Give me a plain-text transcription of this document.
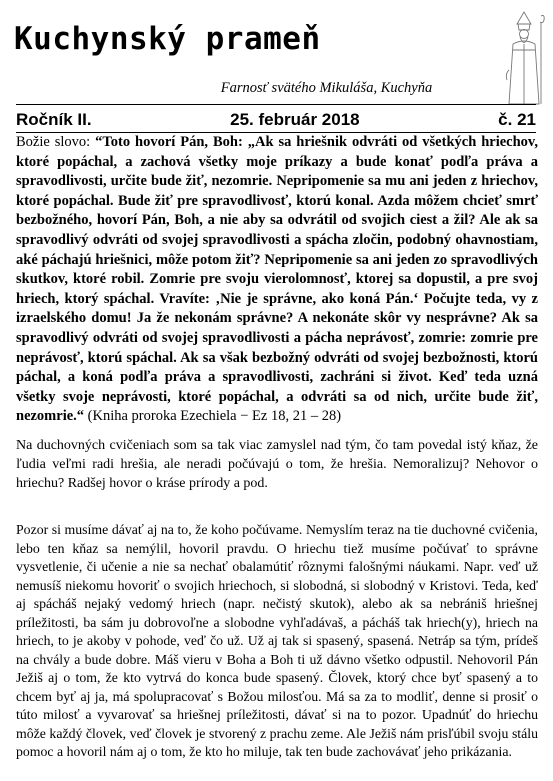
Kuchynský prameň
Farnosť svätého Mikuláša, Kuchyňa
Ročník II.	25. február 2018	č. 21

Božie slovo: “Toto hovorí Pán, Boh: „Ak sa hriešnik odvráti od všetkých hriechov, ktoré popáchal, a zachová všetky moje príkazy a bude konať podľa práva a spravodlivosti, určite bude žiť, nezomrie. Nepripomenie sa mu ani jeden z hriechov, ktoré popáchal. Bude žiť pre spravodlivosť, ktorú konal. Azda môžem chcieť smrť bezbožného, hovorí Pán, Boh, a nie aby sa odvrátil od svojich ciest a žil? Ale ak sa spravodlivý odvráti od svojej spravodlivosti a spácha zločin, podobný ohavnostiam, aké páchajú hriešnici, môže potom žiť? Nepripomenie sa ani jeden zo spravodlivých skutkov, ktoré robil. Zomrie pre svoju vierolomnosť, ktorej sa dopustil, a pre svoj hriech, ktorý spáchal. Vravíte: ‚Nie je správne, ako koná Pán.‘ Počujte teda, vy z izraelského domu! Ja že nekonám správne? A nekonáte skôr vy nesprávne? Ak sa spravodlivý odvráti od svojej spravodlivosti a pácha neprávosť, zomrie: zomrie pre neprávosť, ktorú spáchal. Ak sa však bezbožný odvráti od svojej bezbožnosti, ktorú páchal, a koná podľa práva a spravodlivosti, zachráni si život. Keď teda uzná všetky svoje neprávosti, ktoré popáchal, a odvráti sa od nich, určite bude žiť, nezomrie.“ (Kniha proroka Ezechiela − Ez 18, 21 – 28)

Na duchovných cvičeniach som sa tak viac zamyslel nad tým, čo tam povedal istý kňaz, že ľudia veľmi radi hrešia, ale neradi počúvajú o tom, že hrešia. Nemoralizuj? Nehovor o hriechu? Radšej hovor o kráse prírody a pod.

Pozor si musíme dávať aj na to, že koho počúvame. Nemyslím teraz na tie duchovné cvičenia, lebo ten kňaz sa nemýlil, hovoril pravdu. O hriechu tiež musíme počúvať to správne vysvetlenie, či učenie a nie sa nechať obalamútiť rôznymi falošnými náukami. Napr. veď už nemusíš niekomu hovoriť o svojich hriechoch, si slobodná, si slobodný v Kristovi. Teda, keď aj spácháš nejaký vedomý hriech (napr. nečistý skutok), alebo ak sa nebrániš hriešnej príležitosti, ba sám ju dobrovoľne a slobodne vyhľadávaš, a pácháš tak hriech(y), hriech na hriech, to je akoby v pohode, veď čo už. Už aj tak si spasený, spasená. Netráp sa tým, prídeš na chvály a bude dobre. Máš vieru v Boha a Boh ti už dávno všetko odpustil. Nehovoril Pán Ježiš aj o tom, že kto vytrvá do konca bude spasený. Človek, ktorý chce byť spasený a to chcem byť aj ja, má spolupracovať s Božou milosťou. Má sa za to modliť, denne si prosiť o túto milosť a vyvarovať sa hriešnej príležitosti, dávať si na to pozor. Upadnúť do hriechu môže každý človek, veď človek je stvorený z prachu zeme. Ale Ježiš nám prisľúbil svoju stálu pomoc a hovoril nám aj o tom, že kto ho miluje, tak ten bude zachovávať jeho prikázania.
